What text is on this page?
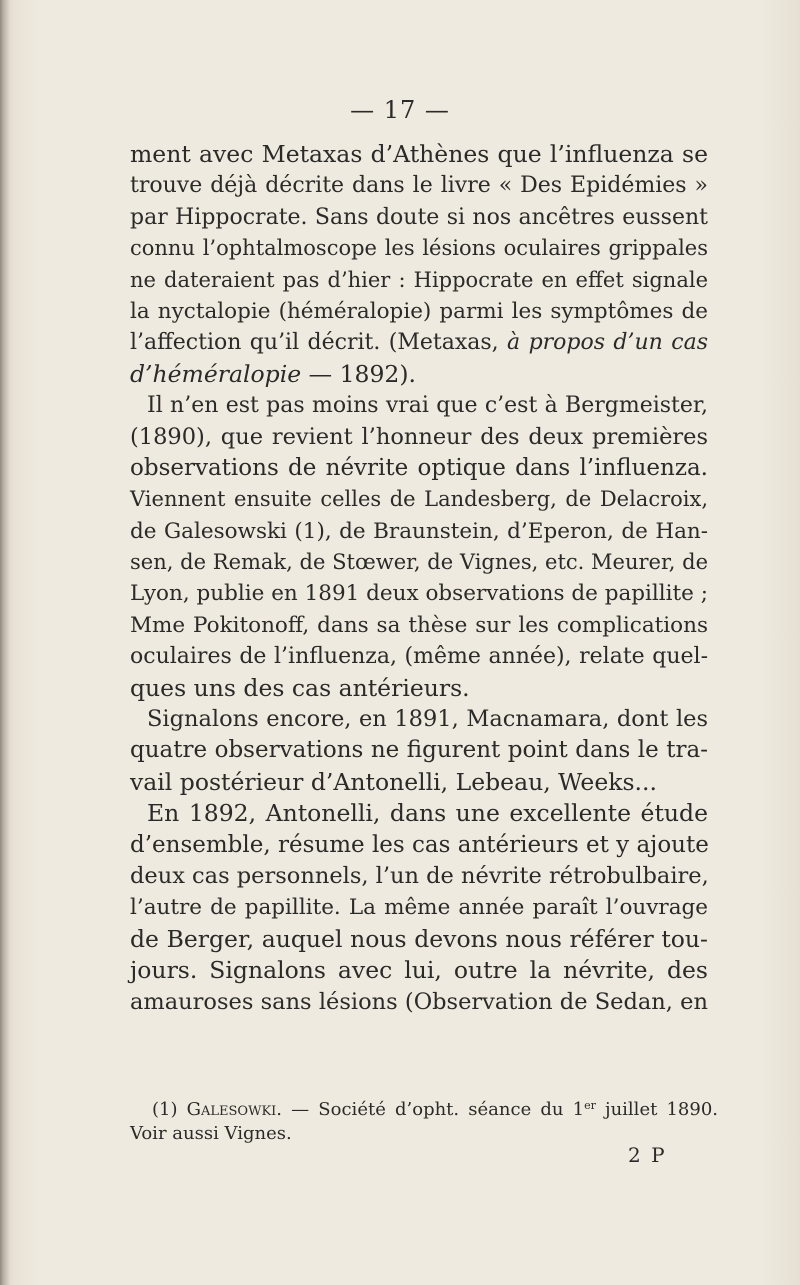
— 17 —
ment avec Metaxas d’Athènes que l’influenza se
trouve déjà décrite dans le livre « Des Epidémies »
par Hippocrate. Sans doute si nos ancêtres eussent
connu l’ophtalmoscope les lésions oculaires grippales
ne dateraient pas d’hier : Hippocrate en effet signale
la nyctalopie (héméralopie) parmi les symptômes de
l’affection qu’il décrit. (Metaxas, à propos d’un cas
d’héméralopie — 1892).
Il n’en est pas moins vrai que c’est à Bergmeister,
(1890), que revient l’honneur des deux premières
observations de névrite optique dans l’influenza.
Viennent ensuite celles de Landesberg, de Delacroix,
de Galesowski (1), de Braunstein, d’Eperon, de Han-
sen, de Remak, de Stœwer, de Vignes, etc. Meurer, de
Lyon, publie en 1891 deux observations de papillite ;
Mme Pokitonoff, dans sa thèse sur les complications
oculaires de l’influenza, (même année), relate quel-
ques uns des cas antérieurs.
Signalons encore, en 1891, Macnamara, dont les
quatre observations ne figurent point dans le tra-
vail postérieur d’Antonelli, Lebeau, Weeks...
En 1892, Antonelli, dans une excellente étude
d’ensemble, résume les cas antérieurs et y ajoute
deux cas personnels, l’un de névrite rétrobulbaire,
l’autre de papillite. La même année paraît l’ouvrage
de Berger, auquel nous devons nous référer tou-
jours. Signalons avec lui, outre la névrite, des
amauroses sans lésions (Observation de Sedan, en
(1) Galesowki. — Société d’opht. séance du 1er juillet 1890.
Voir aussi Vignes.
2 P
